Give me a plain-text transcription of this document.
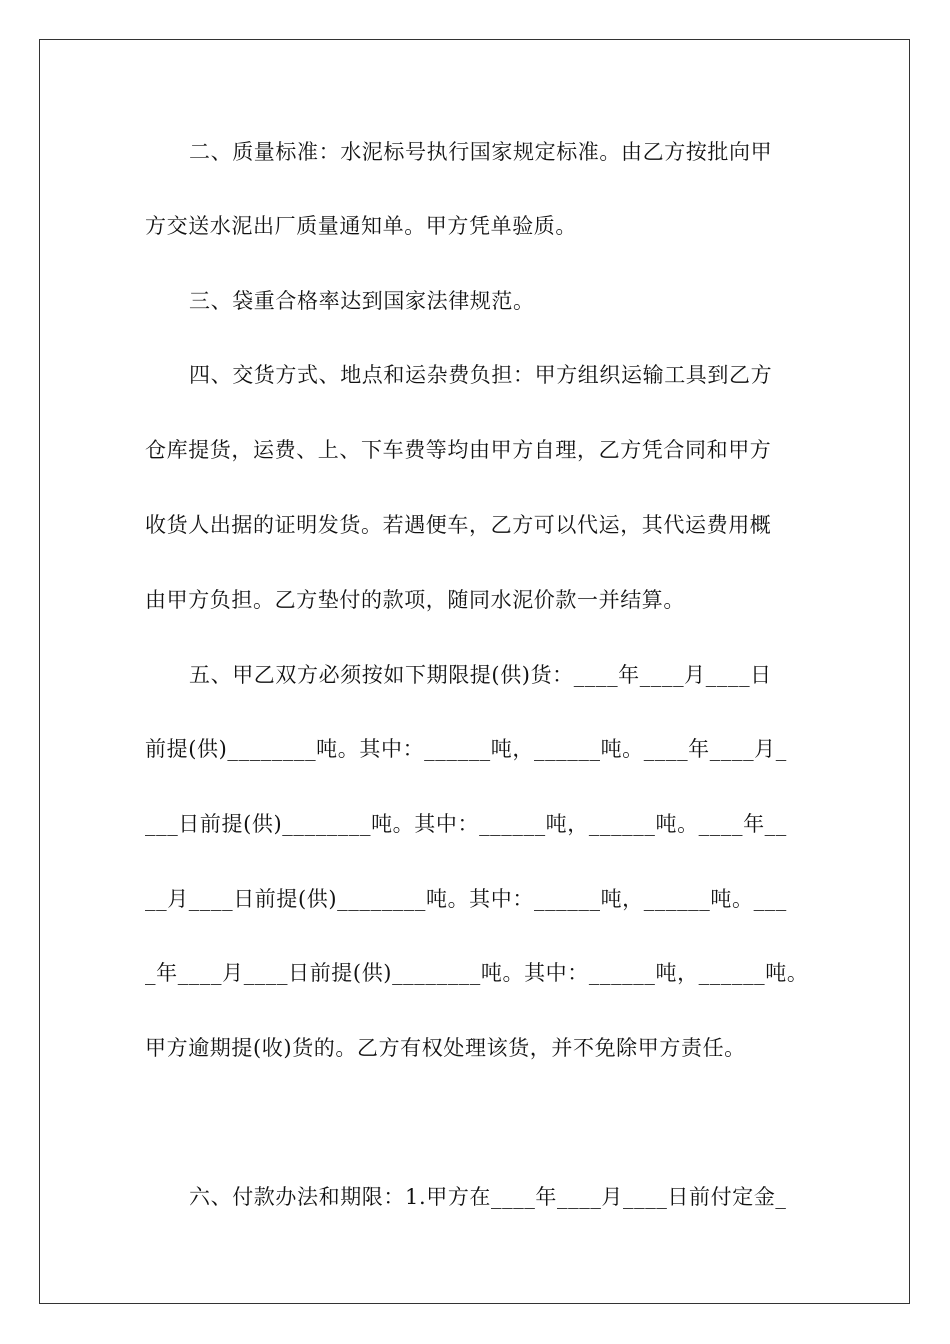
二、质量标准：水泥标号执行国家规定标准。由乙方按批向甲
方交送水泥出厂质量通知单。甲方凭单验质。
三、袋重合格率达到国家法律规范。
四、交货方式、地点和运杂费负担：甲方组织运输工具到乙方
仓库提货，运费、上、下车费等均由甲方自理，乙方凭合同和甲方
收货人出据的证明发货。若遇便车，乙方可以代运，其代运费用概
由甲方负担。乙方垫付的款项，随同水泥价款一并结算。
五、甲乙双方必须按如下期限提(供)货：____年____月____日
前提(供)________吨。其中：______吨，______吨。____年____月_
___日前提(供)________吨。其中：______吨，______吨。____年__
__月____日前提(供)________吨。其中：______吨，______吨。___
_年____月____日前提(供)________吨。其中：______吨，______吨。
甲方逾期提(收)货的。乙方有权处理该货，并不免除甲方责任。
六、付款办法和期限：1.甲方在____年____月____日前付定金_
